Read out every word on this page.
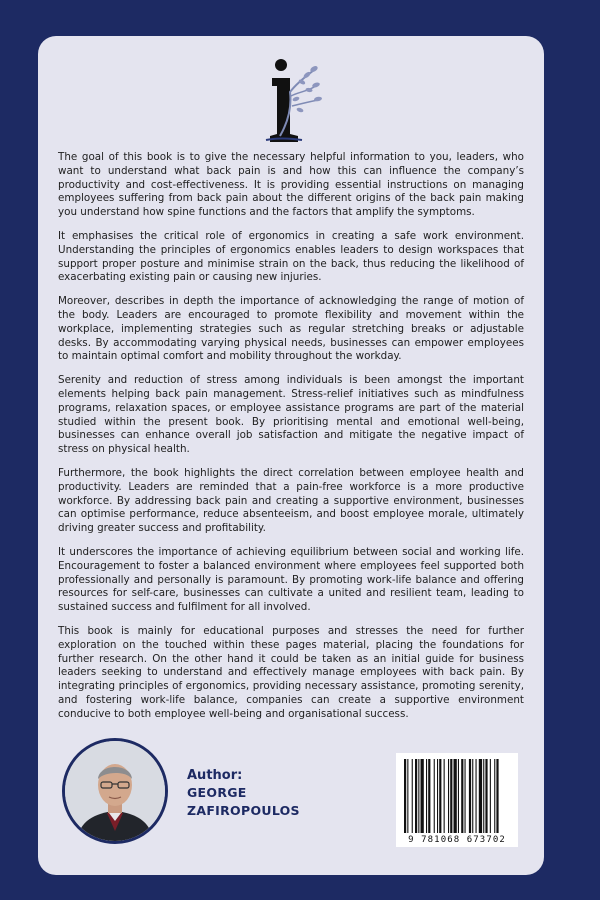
The goal of this book is to give the necessary helpful information to you, leaders, who want to understand what back pain is and how this can influence the company’s productivity and cost-effectiveness. It is providing essential instructions on managing employees suffering from back pain about the different origins of the back pain making you understand how spine functions and the factors that amplify the symptoms.

It emphasises the critical role of ergonomics in creating a safe work environment. Understanding the principles of ergonomics enables leaders to design workspaces that support proper posture and minimise strain on the back, thus reducing the likelihood of exacerbating existing pain or causing new injuries.

Moreover, describes in depth the importance of acknowledging the range of motion of the body. Leaders are encouraged to promote flexibility and movement within the workplace, implementing strategies such as regular stretching breaks or adjustable desks. By accommodating varying physical needs, businesses can empower employees to maintain optimal comfort and mobility throughout the workday.

Serenity and reduction of stress among individuals is been amongst the important elements helping back pain management. Stress-relief initiatives such as mindfulness programs, relaxation spaces, or employee assistance programs are part of the material studied within the present book. By prioritising mental and emotional well-being, businesses can enhance overall job satisfaction and mitigate the negative impact of stress on physical health.

Furthermore, the book highlights the direct correlation between employee health and productivity. Leaders are reminded that a pain-free workforce is a more productive workforce. By addressing back pain and creating a supportive environment, businesses can optimise performance, reduce absenteeism, and boost employee morale, ultimately driving greater success and profitability.

It underscores the importance of achieving equilibrium between social and working life. Encouragement to foster a balanced environment where employees feel supported both professionally and personally is paramount. By promoting work-life balance and offering resources for self-care, businesses can cultivate a united and resilient team, leading to sustained success and fulfilment for all involved.

This book is mainly for educational purposes and stresses the need for further exploration on the touched within these pages material, placing the foundations for further research. On the other hand it could be taken as an initial guide for business leaders seeking to understand and effectively manage employees with back pain. By integrating principles of ergonomics, providing necessary assistance, promoting serenity, and fostering work-life balance, companies can create a supportive environment conducive to both employee well-being and organisational success.

Author:
GEORGE
ZAFIROPOULOS
9 781068 673702
